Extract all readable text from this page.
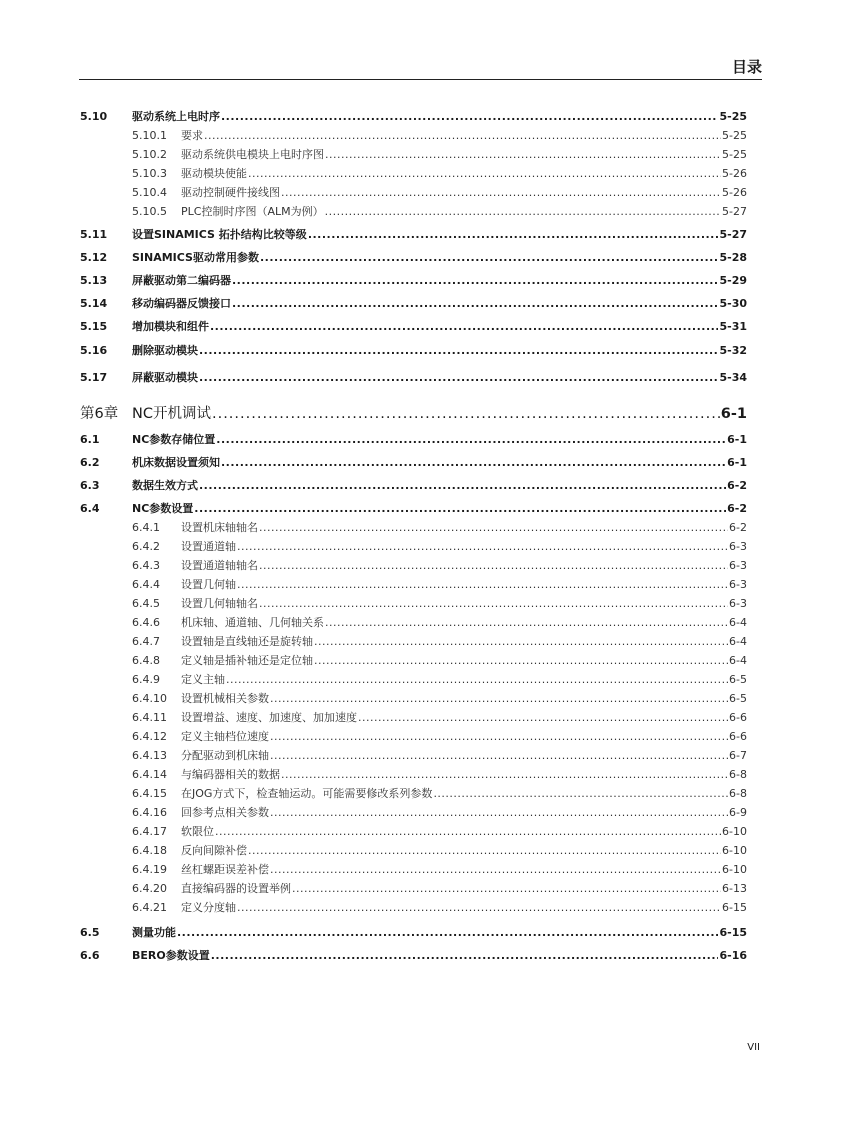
目录
5.10	驱动系统上电时序 .....	5-25
5.10.1	要求 .....	5-25
5.10.2	驱动系统供电模块上电时序图 .....	5-25
5.10.3	驱动模块使能 .....	5-26
5.10.4	驱动控制硬件接线图 .....	5-26
5.10.5	PLC控制时序图（ALM为例） .....	5-27
5.11	设置SINAMICS 拓扑结构比较等级 .....	5-27
5.12	SINAMICS驱动常用参数 .....	5-28
5.13	屏蔽驱动第二编码器 .....	5-29
5.14	移动编码器反馈接口 .....	5-30
5.15	增加模块和组件 .....	5-31
5.16	删除驱动模块 .....	5-32
5.17	屏蔽驱动模块 .....	5-34
第6章 NC开机调试 .....	6-1
6.1	NC参数存储位置 .....	6-1
6.2	机床数据设置须知 .....	6-1
6.3	数据生效方式 .....	6-2
6.4	NC参数设置 .....	6-2
6.4.1	设置机床轴轴名 .....	6-2
6.4.2	设置通道轴 .....	6-3
6.4.3	设置通道轴轴名 .....	6-3
6.4.4	设置几何轴 .....	6-3
6.4.5	设置几何轴轴名 .....	6-3
6.4.6	机床轴、通道轴、几何轴关系 .....	6-4
6.4.7	设置轴是直线轴还是旋转轴 .....	6-4
6.4.8	定义轴是插补轴还是定位轴 .....	6-4
6.4.9	定义主轴 .....	6-5
6.4.10	设置机械相关参数 .....	6-5
6.4.11	设置增益、速度、加速度、加加速度 .....	6-6
6.4.12	定义主轴档位速度 .....	6-6
6.4.13	分配驱动到机床轴 .....	6-7
6.4.14	与编码器相关的数据 .....	6-8
6.4.15	在JOG方式下，检查轴运动。可能需要修改系列参数 .....	6-8
6.4.16	回参考点相关参数 .....	6-9
6.4.17	软限位 .....	6-10
6.4.18	反向间隙补偿 .....	6-10
6.4.19	丝杠螺距误差补偿 .....	6-10
6.4.20	直接编码器的设置举例 .....	6-13
6.4.21	定义分度轴 .....	6-15
6.5	测量功能 .....	6-15
6.6	BERO参数设置 .....	6-16
VII
